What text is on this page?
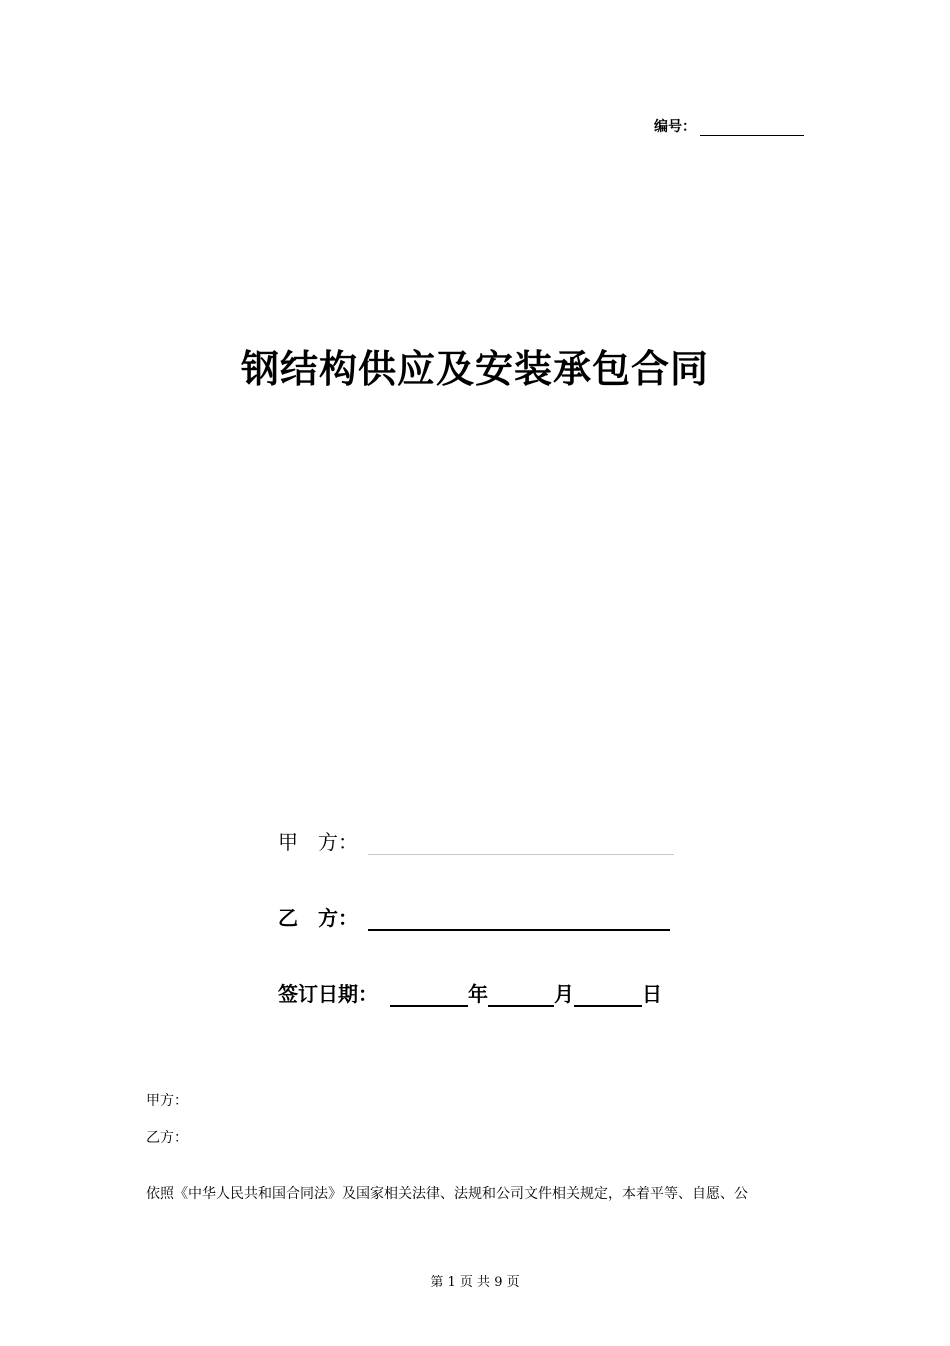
编号：
钢结构供应及安装承包合同
甲　方：
乙　方：
签订日期：	年	月	日
甲方：
乙方：
依照《中华人民共和国合同法》及国家相关法律、法规和公司文件相关规定，本着平等、自愿、公
第 1 页 共 9 页
